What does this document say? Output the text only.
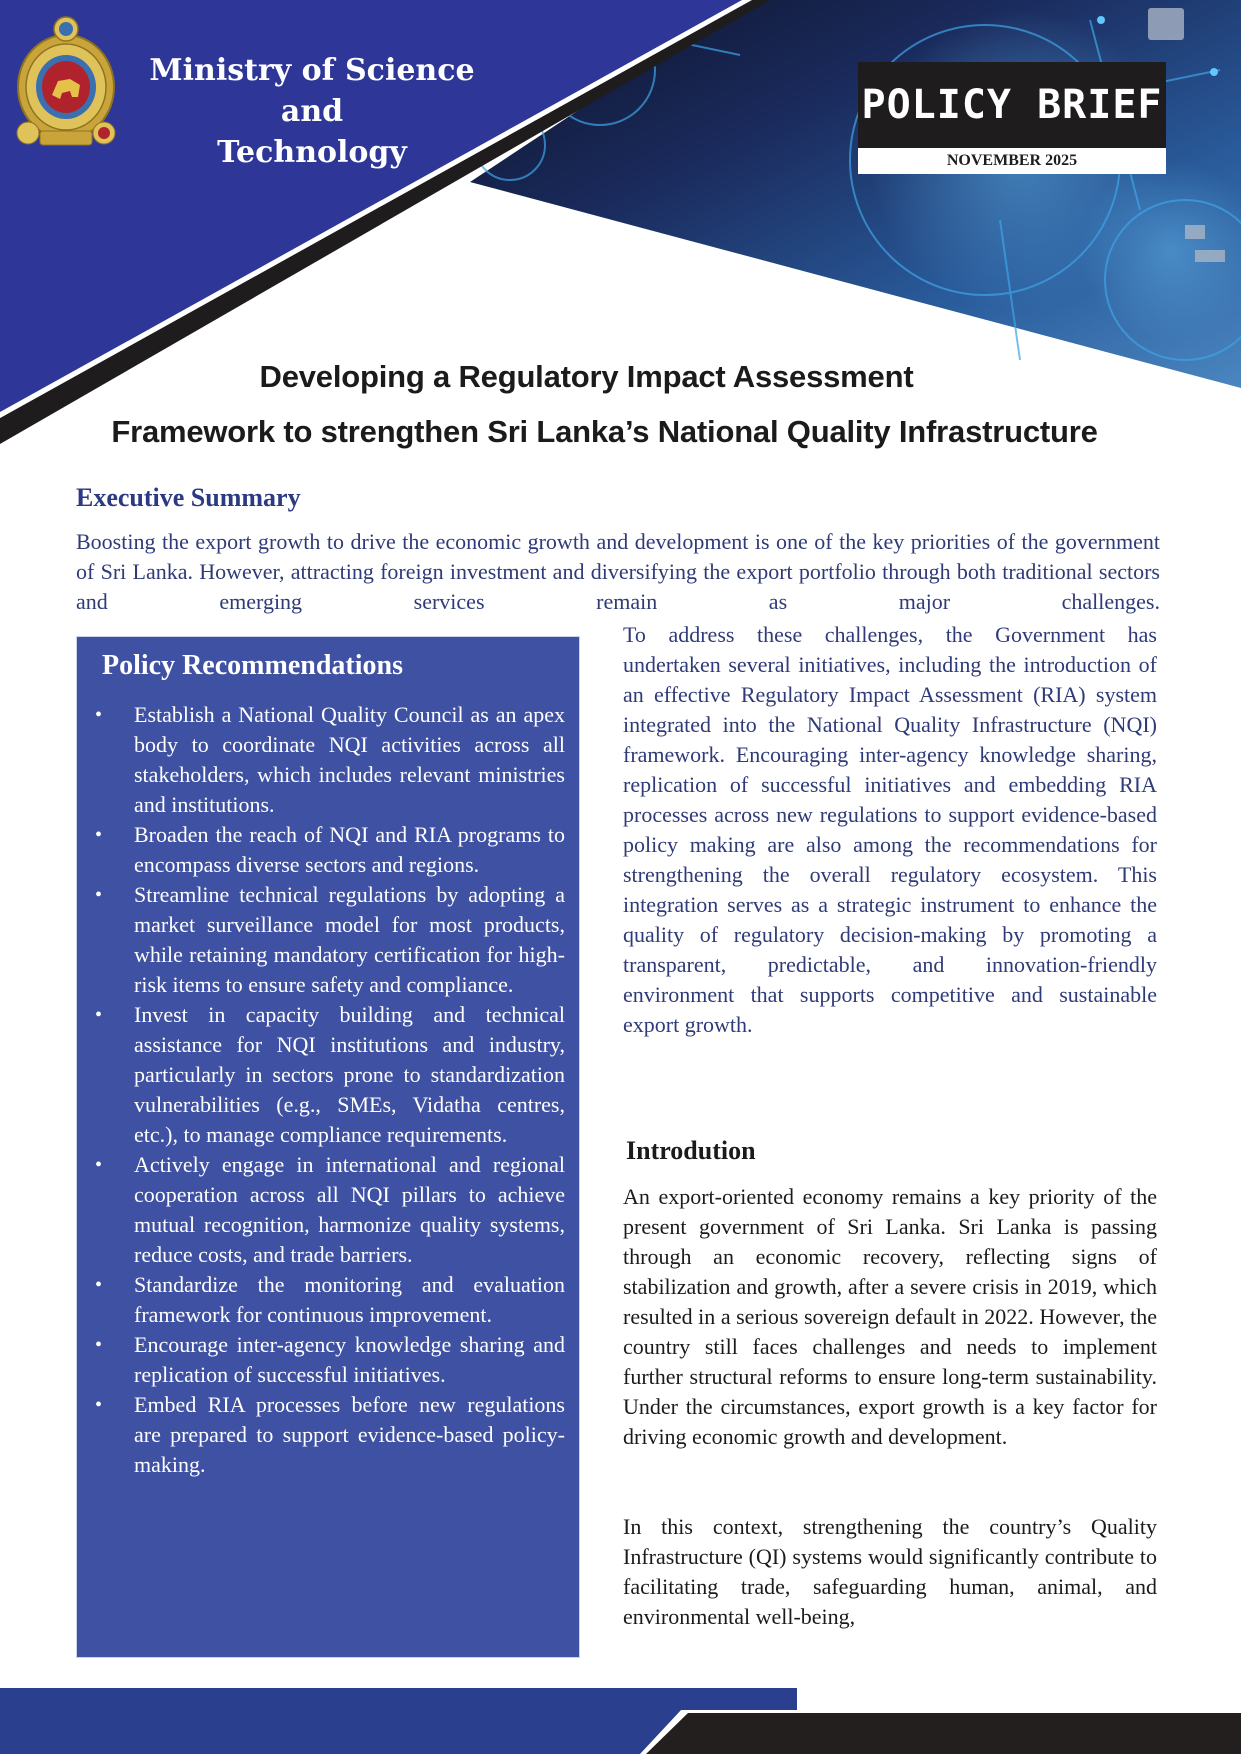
Ministry of Science and
Technology
POLICY BRIEF
NOVEMBER 2025
Developing a Regulatory Impact Assessment
Framework to strengthen Sri Lanka’s National Quality Infrastructure
Executive Summary
Boosting the export growth to drive the economic growth and development is one of the key priorities of the government of Sri Lanka. However, attracting foreign investment and diversifying the export portfolio through both traditional sectors and emerging services remain as major challenges.
Policy Recommendations
•	Establish a National Quality Council as an apex body to coordinate NQI activities across all stakeholders, which includes relevant ministries and institutions.
•	Broaden the reach of NQI and RIA programs to encompass diverse sectors and regions.
•	Streamline technical regulations by adopting a market surveillance model for most products, while retaining mandatory certification for high-risk items to ensure safety and compliance.
•	Invest in capacity building and technical assistance for NQI institutions and industry, particularly in sectors prone to standardization vulnerabilities (e.g., SMEs, Vidatha centres, etc.), to manage compliance requirements.
•	Actively engage in international and regional cooperation across all NQI pillars to achieve mutual recognition, harmonize quality systems, reduce costs, and trade barriers.
•	Standardize the monitoring and evaluation framework for continuous improvement.
•	Encourage inter-agency knowledge sharing and replication of successful initiatives.
•	Embed RIA processes before new regulations are prepared to support evidence-based policy-making.
To address these challenges, the Government has undertaken several initiatives, including the introduction of an effective Regulatory Impact Assessment (RIA) system integrated into the National Quality Infrastructure (NQI) framework. Encouraging inter-agency knowledge sharing, replication of successful initiatives and embedding RIA processes across new regulations to support evidence-based policy making are also among the recommendations for strengthening the overall regulatory ecosystem. This integration serves as a strategic instrument to enhance the quality of regulatory decision-making by promoting a transparent, predictable, and innovation-friendly environment that supports competitive and sustainable export growth.
Introdution
An export-oriented economy remains a key priority of the present government of Sri Lanka. Sri Lanka is passing through an economic recovery, reflecting signs of stabilization and growth, after a severe crisis in 2019, which resulted in a serious sovereign default in 2022. However, the country still faces challenges and needs to implement further structural reforms to ensure long-term sustainability. Under the circumstances, export growth is a key factor for driving economic growth and development.
In this context, strengthening the country’s Quality Infrastructure (QI) systems would significantly contribute to facilitating trade, safeguarding human, animal, and environmental well-being,
